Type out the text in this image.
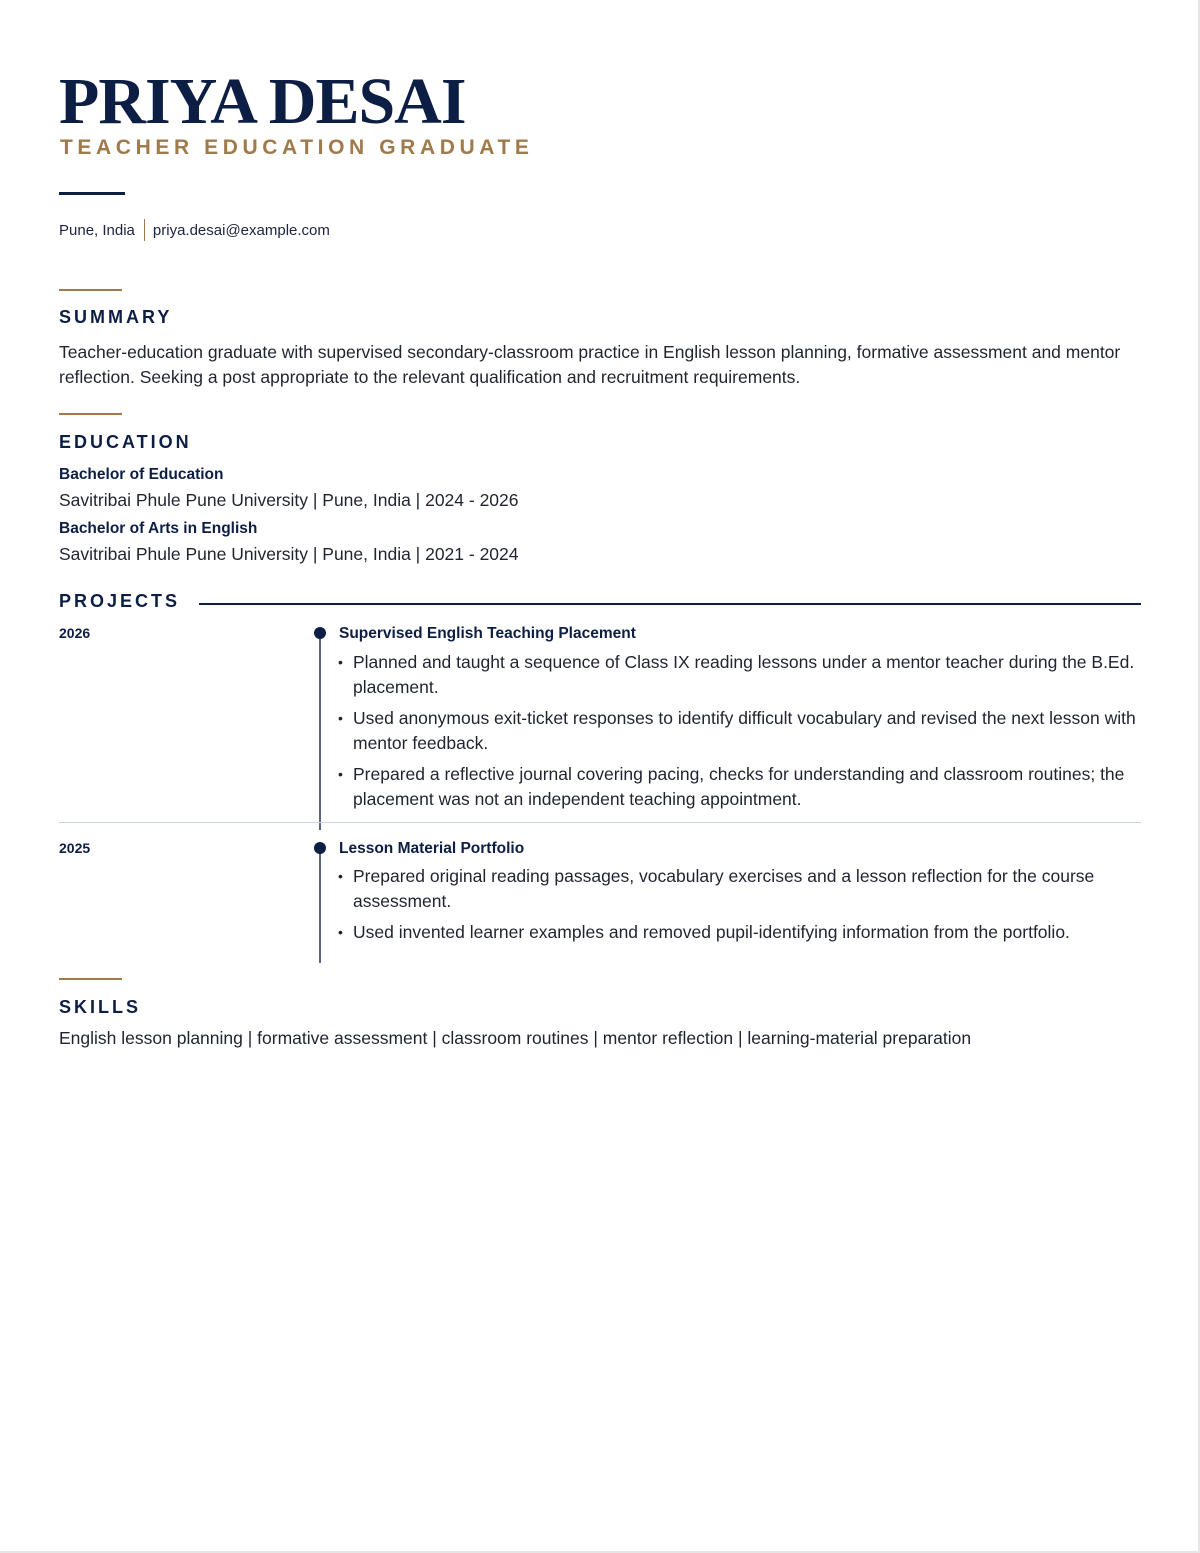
PRIYA DESAI
TEACHER EDUCATION GRADUATE
Pune, India priya.desai@example.com
SUMMARY
Teacher-education graduate with supervised secondary-classroom practice in English lesson planning, formative assessment and mentor reflection. Seeking a post appropriate to the relevant qualification and recruitment requirements.
EDUCATION
Bachelor of Education
Savitribai Phule Pune University | Pune, India | 2024 - 2026
Bachelor of Arts in English
Savitribai Phule Pune University | Pune, India | 2021 - 2024
PROJECTS
2026	Supervised English Teaching Placement
• Planned and taught a sequence of Class IX reading lessons under a mentor teacher during the B.Ed. placement.
• Used anonymous exit-ticket responses to identify difficult vocabulary and revised the next lesson with mentor feedback.
• Prepared a reflective journal covering pacing, checks for understanding and classroom routines; the placement was not an independent teaching appointment.
2025	Lesson Material Portfolio
• Prepared original reading passages, vocabulary exercises and a lesson reflection for the course assessment.
• Used invented learner examples and removed pupil-identifying information from the portfolio.
SKILLS
English lesson planning | formative assessment | classroom routines | mentor reflection | learning-material preparation
